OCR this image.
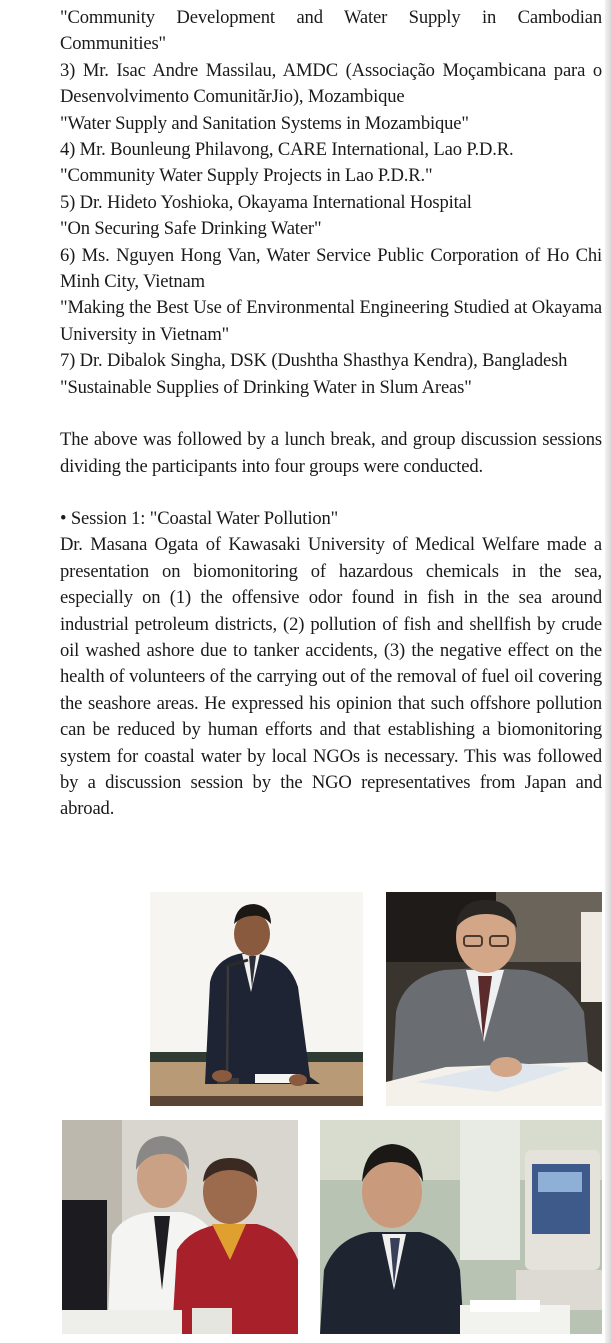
"Community Development and Water Supply in Cambodian Communities"

3) Mr. Isac Andre Massilau, AMDC (Associação Moçambicana para o Desenvolvimento ComunitãrJio), Mozambique

"Water Supply and Sanitation Systems in Mozambique"

4) Mr. Bounleung Philavong, CARE International, Lao P.D.R.

"Community Water Supply Projects in Lao P.D.R."

5) Dr. Hideto Yoshioka, Okayama International Hospital

"On Securing Safe Drinking Water"

6) Ms. Nguyen Hong Van, Water Service Public Corporation of Ho Chi Minh City, Vietnam

"Making the Best Use of Environmental Engineering Studied at Okayama University in Vietnam"

7) Dr. Dibalok Singha, DSK (Dushtha Shasthya Kendra), Bangladesh

"Sustainable Supplies of Drinking Water in Slum Areas"

The above was followed by a lunch break, and group discussion sessions dividing the participants into four groups were conducted.

• Session 1: "Coastal Water Pollution"

Dr. Masana Ogata of Kawasaki University of Medical Welfare made a presentation on biomonitoring of hazardous chemicals in the sea, especially on (1) the offensive odor found in fish in the sea around industrial petroleum districts, (2) pollution of fish and shellfish by crude oil washed ashore due to tanker accidents, (3) the negative effect on the health of volunteers of the carrying out of the removal of fuel oil covering the seashore areas. He expressed his opinion that such offshore pollution can be reduced by human efforts and that establishing a biomonitoring system for coastal water by local NGOs is necessary. This was followed by a discussion session by the NGO representatives from Japan and abroad.
